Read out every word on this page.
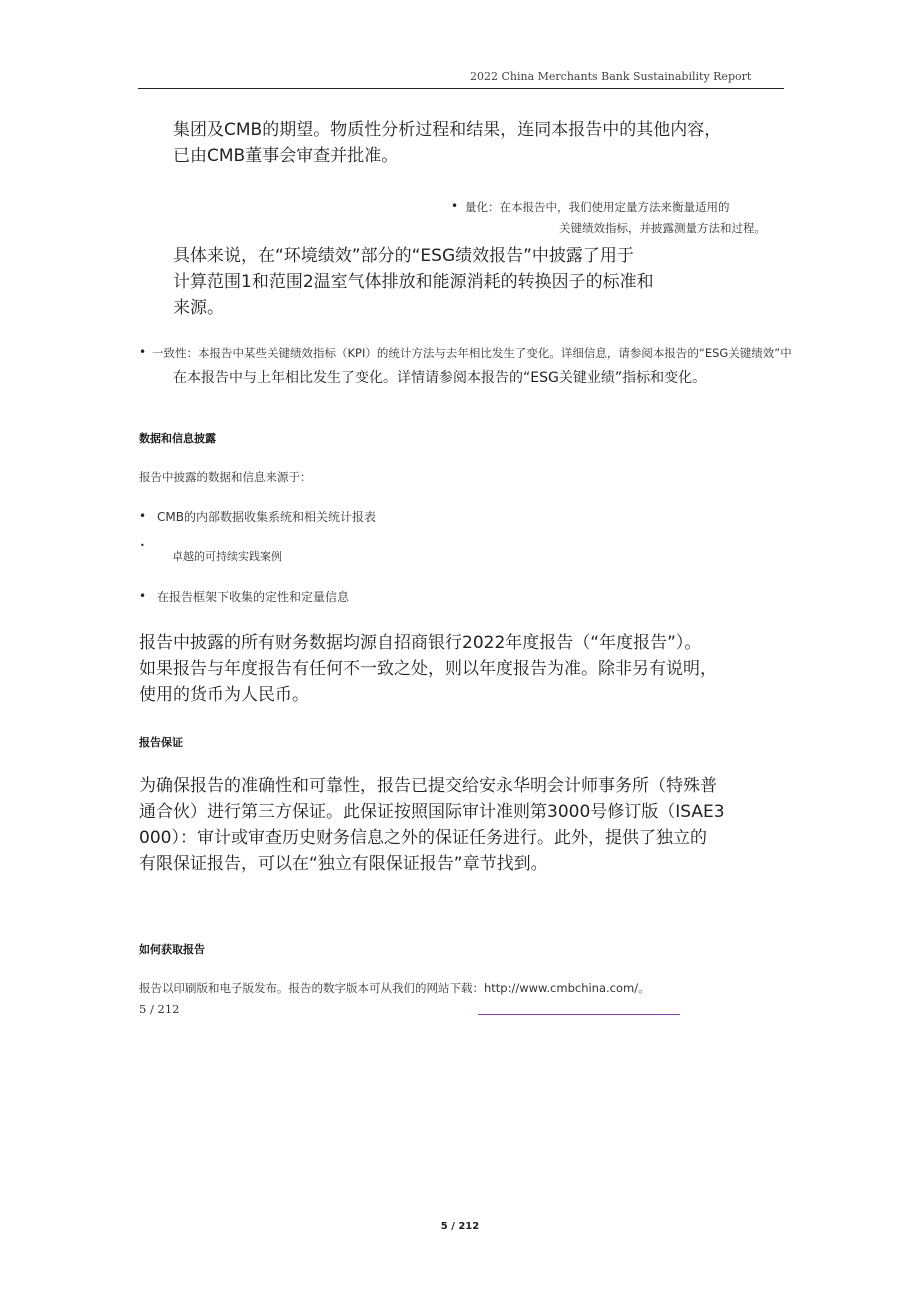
2022 China Merchants Bank Sustainability Report
集团及CMB的期望。物质性分析过程和结果，连同本报告中的其他内容，
已由CMB董事会审查并批准。
• 量化：在本报告中，我们使用定量方法来衡量适用的
关键绩效指标，并披露测量方法和过程。
具体来说，在“环境绩效”部分的“ESG绩效报告”中披露了用于
计算范围1和范围2温室气体排放和能源消耗的转换因子的标准和
来源。
• 一致性：本报告中某些关键绩效指标（KPI）的统计方法与去年相比发生了变化。详细信息，请参阅本报告的“ESG关键绩效”中
在本报告中与上年相比发生了变化。详情请参阅本报告的“ESG关键业绩”指标和变化。
数据和信息披露
报告中披露的数据和信息来源于：
• CMB的内部数据收集系统和相关统计报表
•
卓越的可持续实践案例
• 在报告框架下收集的定性和定量信息
报告中披露的所有财务数据均源自招商银行2022年度报告（“年度报告”）。
如果报告与年度报告有任何不一致之处，则以年度报告为准。除非另有说明，
使用的货币为人民币。
报告保证
为确保报告的准确性和可靠性，报告已提交给安永华明会计师事务所（特殊普
通合伙）进行第三方保证。此保证按照国际审计准则第3000号修订版（ISAE3
000）：审计或审查历史财务信息之外的保证任务进行。此外，提供了独立的
有限保证报告，可以在“独立有限保证报告”章节找到。
如何获取报告
报告以印刷版和电子版发布。报告的数字版本可从我们的网站下载：http://www.cmbchina.com/。
5 / 212
5 / 212
